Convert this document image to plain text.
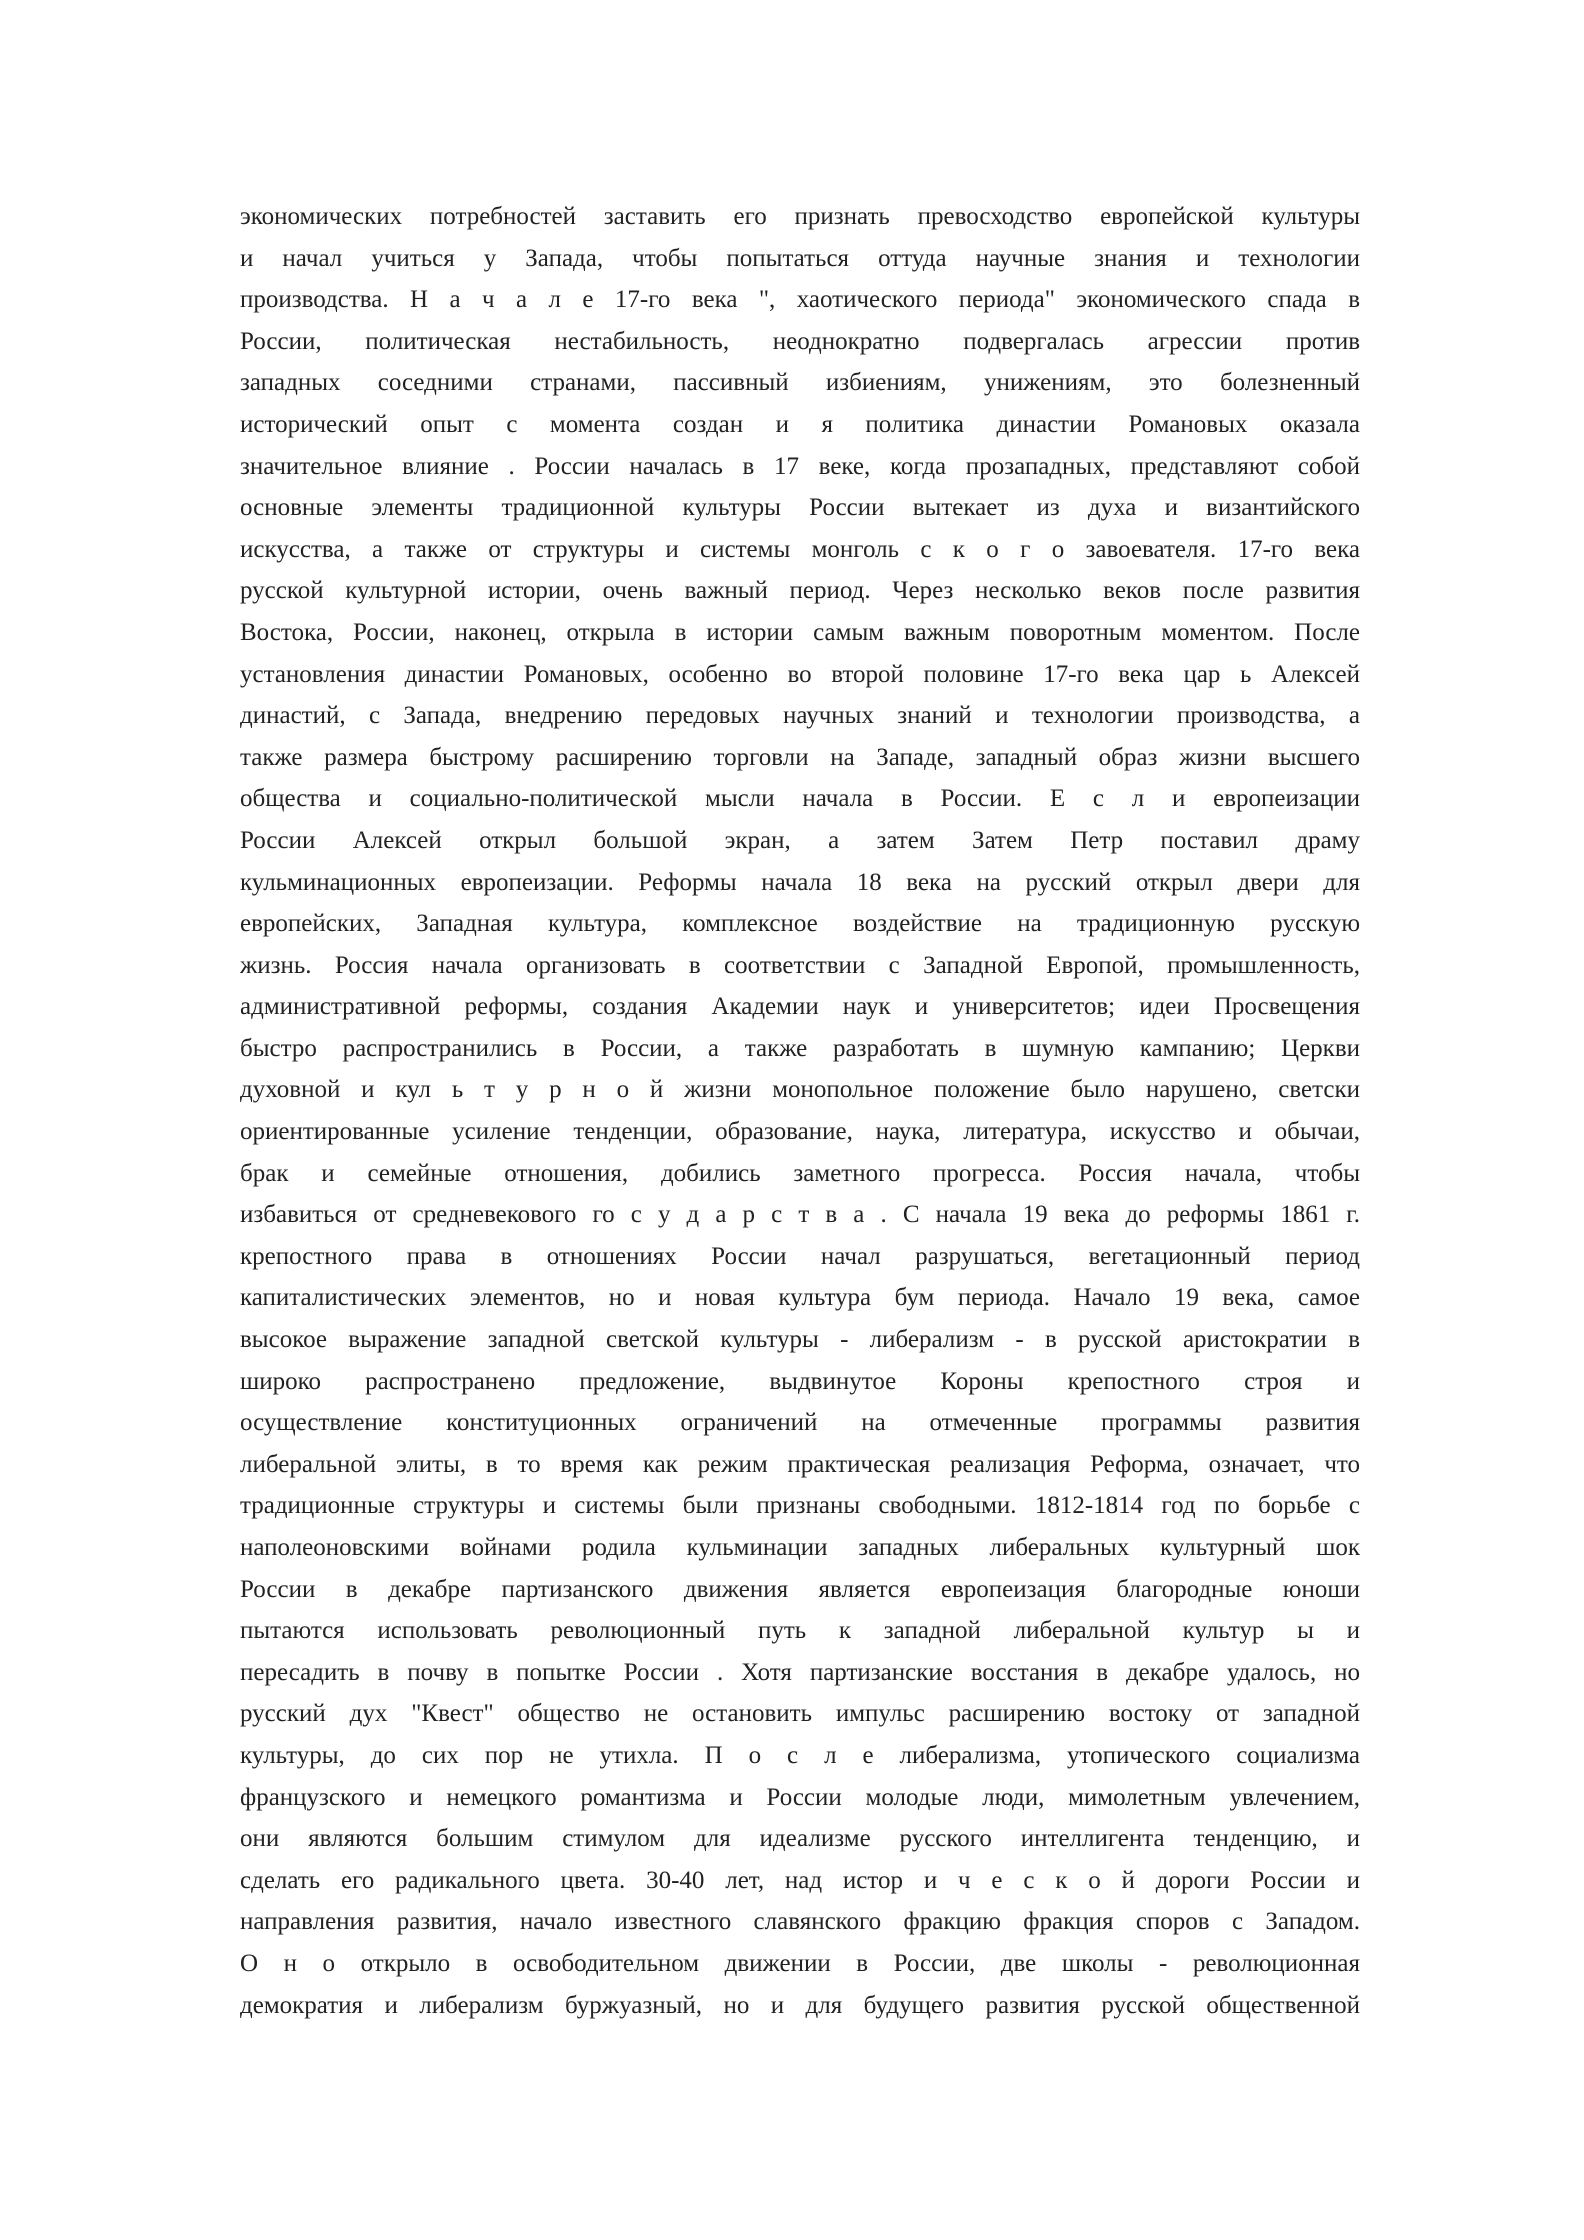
экономических потребностей заставить его признать превосходство европейской культуры
и начал учиться у Запада, чтобы попытаться оттуда научные знания и технологии
производства. Н а ч а л е 17-го века ", хаотического периода" экономического спада в
России, политическая нестабильность, неоднократно подвергалась агрессии против
западных соседними странами, пассивный избиениям, унижениям, это болезненный
исторический опыт с момента создан и я политика династии Романовых оказала
значительное влияние . России началась в 17 веке, когда прозападных, представляют собой
основные элементы традиционной культуры России вытекает из духа и византийского
искусства, а также от структуры и системы монголь с к о г о завоевателя. 17-го века
русской культурной истории, очень важный период. Через несколько веков после развития
Востока, России, наконец, открыла в истории самым важным поворотным моментом. После
установления династии Романовых, особенно во второй половине 17-го века цар ь Алексей
династий, с Запада, внедрению передовых научных знаний и технологии производства, а
также размера быстрому расширению торговли на Западе, западный образ жизни высшего
общества и социально-политической мысли начала в России. Е с л и европеизации
России Алексей открыл большой экран, а затем Затем Петр поставил драму
кульминационных европеизации. Реформы начала 18 века на русский открыл двери для
европейских, Западная культура, комплексное воздействие на традиционную русскую
жизнь. Россия начала организовать в соответствии с Западной Европой, промышленность,
административной реформы, создания Академии наук и университетов; идеи Просвещения
быстро распространились в России, а также разработать в шумную кампанию; Церкви
духовной и кул ь т у р н о й жизни монопольное положение было нарушено, светски
ориентированные усиление тенденции, образование, наука, литература, искусство и обычаи,
брак и семейные отношения, добились заметного прогресса. Россия начала, чтобы
избавиться от средневекового го с у д а р с т в а . С начала 19 века до реформы 1861 г.
крепостного права в отношениях России начал разрушаться, вегетационный период
капиталистических элементов, но и новая культура бум периода. Начало 19 века, самое
высокое выражение западной светской культуры - либерализм - в русской аристократии в
широко распространено предложение, выдвинутое Короны крепостного строя и
осуществление конституционных ограничений на отмеченные программы развития
либеральной элиты, в то время как режим практическая реализация Реформа, означает, что
традиционные структуры и системы были признаны свободными. 1812-1814 год по борьбе с
наполеоновскими войнами родила кульминации западных либеральных культурный шок
России в декабре партизанского движения является европеизация благородные юноши
пытаются использовать революционный путь к западной либеральной культур ы и
пересадить в почву в попытке России . Хотя партизанские восстания в декабре удалось, но
русский дух "Квест" общество не остановить импульс расширению востоку от западной
культуры, до сих пор не утихла. П о с л е либерализма, утопического социализма
французского и немецкого романтизма и России молодые люди, мимолетным увлечением,
они являются большим стимулом для идеализме русского интеллигента тенденцию, и
сделать его радикального цвета. 30-40 лет, над истор и ч е с к о й дороги России и
направления развития, начало известного славянского фракцию фракция споров с Западом.
О н о открыло в освободительном движении в России, две школы - революционная
демократия и либерализм буржуазный, но и для будущего развития русской общественной
